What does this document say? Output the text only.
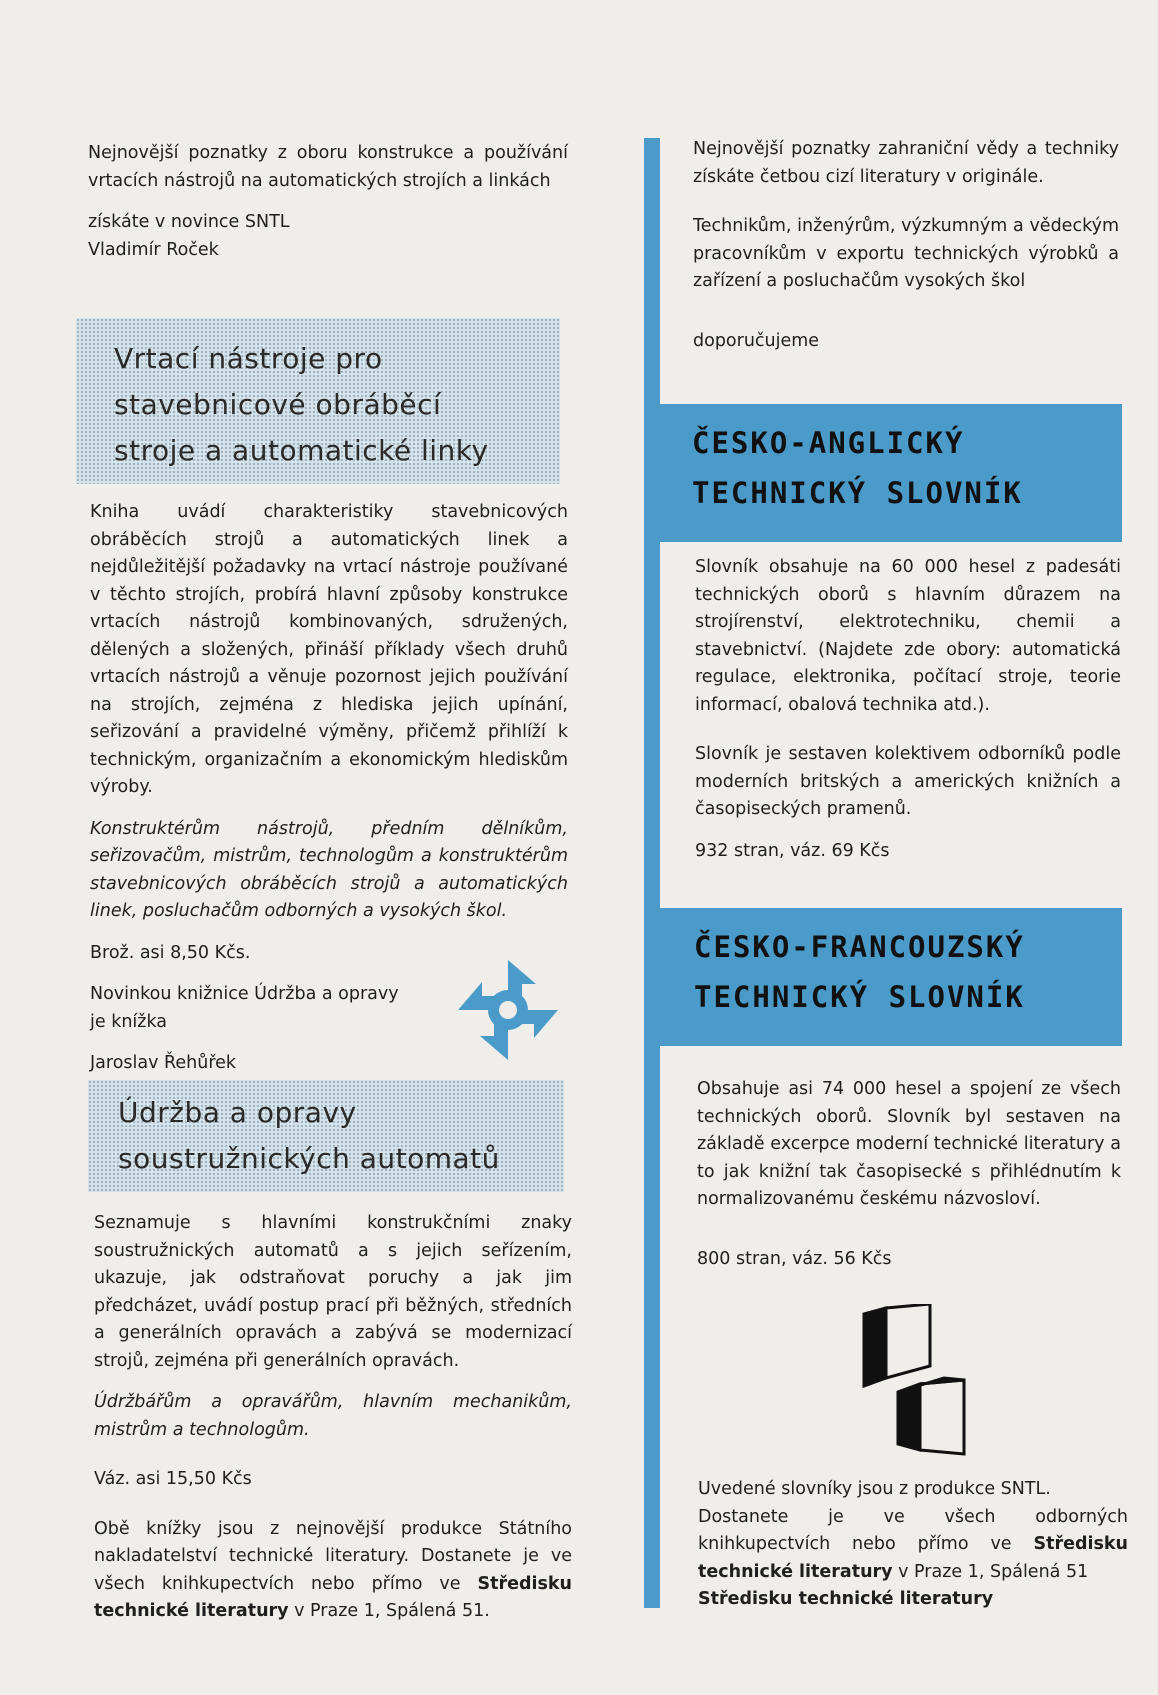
Nejnovější poznatky z oboru konstrukce a používání vrtacích nástrojů na automatických strojích a linkách

získáte v novince SNTL

Vladimír Roček

Vrtací nástroje pro
stavebnicové obráběcí
stroje a automatické linky

Kniha uvádí charakteristiky stavebnicových obráběcích strojů a automatických linek a nejdůležitější požadavky na vrtací nástroje používané v těchto strojích, probírá hlavní způsoby konstrukce vrtacích nástrojů kombinovaných, sdružených, dělených a složených, přináší příklady všech druhů vrtacích nástrojů a věnuje pozornost jejich používání na strojích, zejména z hlediska jejich upínání, seřizování a pravidelné výměny, přičemž přihlíží k technickým, organizačním a ekonomickým hlediskům výroby.

Konstruktérům nástrojů, předním dělníkům, seřizovačům, mistrům, technologům a konstruktérům stavebnicových obráběcích strojů a automatických linek, posluchačům odborných a vysokých škol.

Brož. asi 8,50 Kčs.

Novinkou knižnice Údržba a opravy

je knížka

Jaroslav Řehůřek

Údržba a opravy
soustružnických automatů

Seznamuje s hlavními konstrukčními znaky soustružnických automatů a s jejich seřízením, ukazuje, jak odstraňovat poruchy a jak jim předcházet, uvádí postup prací při běžných, středních a generálních opravách a zabývá se modernizací strojů, zejména při generálních opravách.

Údržbářům a opravářům, hlavním mechanikům, mistrům a technologům.

Váz. asi 15,50 Kčs

Obě knížky jsou z nejnovější produkce Státního nakladatelství technické literatury. Dostanete je ve všech knihkupectvích nebo přímo ve Středisku technické literatury v Praze 1, Spálená 51.

ČESKO-ANGLICKÝ
TECHNICKÝ SLOVNÍK
ČESKO-FRANCOUZSKÝ
TECHNICKÝ SLOVNÍK

Nejnovější poznatky zahraniční vědy a techniky získáte četbou cizí literatury v originále.

Technikům, inženýrům, výzkumným a vědeckým pracovníkům v exportu technických výrobků a zařízení a posluchačům vysokých škol

doporučujeme

Slovník obsahuje na 60 000 hesel z padesáti technických oborů s hlavním důrazem na strojírenství, elektrotechniku, chemii a stavebnictví. (Najdete zde obory: automatická regulace, elektronika, počítací stroje, teorie informací, obalová technika atd.).

Slovník je sestaven kolektivem odborníků podle moderních britských a amerických knižních a časopiseckých pramenů.

932 stran, váz. 69 Kčs

Obsahuje asi 74 000 hesel a spojení ze všech technických oborů. Slovník byl sestaven na základě excerpce moderní technické literatury a to jak knižní tak časopisecké s přihlédnutím k normalizovanému českému názvosloví.

800 stran, váz. 56 Kčs

Uvedené slovníky jsou z produkce SNTL.

Dostanete je ve všech odborných knihkupectvích nebo přímo ve Středisku technické literatury v Praze 1, Spálená 51

Středisku technické literatury
